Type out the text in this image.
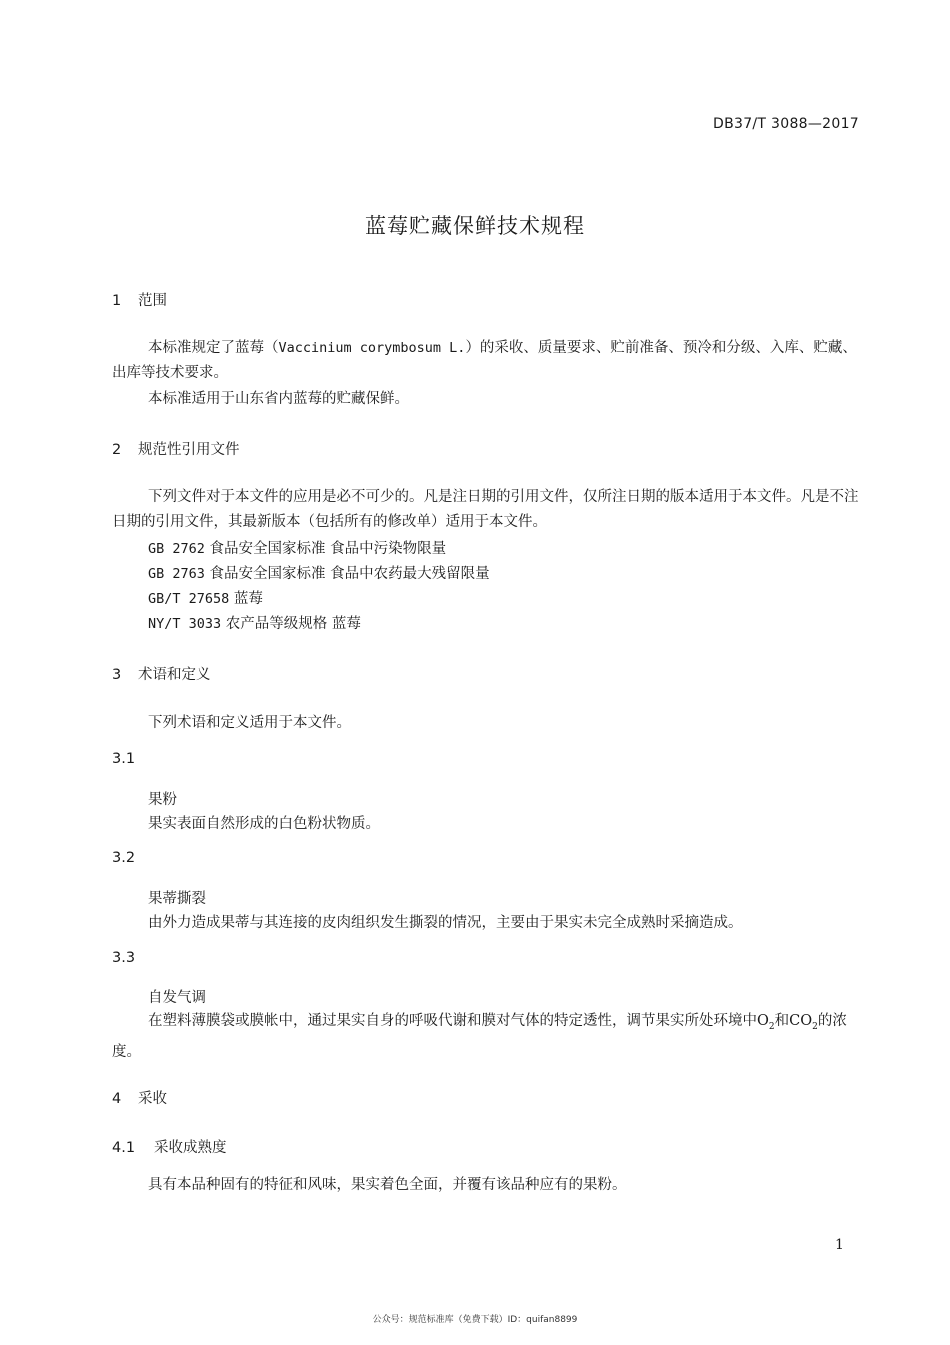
DB37/T 3088—2017
蓝莓贮藏保鲜技术规程
1 范围
本标准规定了蓝莓（Vaccinium corymbosum L.）的采收、质量要求、贮前准备、预冷和分级、入库、贮藏、出库等技术要求。
本标准适用于山东省内蓝莓的贮藏保鲜。
2 规范性引用文件
下列文件对于本文件的应用是必不可少的。凡是注日期的引用文件，仅所注日期的版本适用于本文件。凡是不注日期的引用文件，其最新版本（包括所有的修改单）适用于本文件。
GB 2762 食品安全国家标准 食品中污染物限量
GB 2763 食品安全国家标准 食品中农药最大残留限量
GB/T 27658 蓝莓
NY/T 3033 农产品等级规格 蓝莓
3 术语和定义
下列术语和定义适用于本文件。
3.1
果粉
果实表面自然形成的白色粉状物质。
3.2
果蒂撕裂
由外力造成果蒂与其连接的皮肉组织发生撕裂的情况，主要由于果实未完全成熟时采摘造成。
3.3
自发气调
在塑料薄膜袋或膜帐中，通过果实自身的呼吸代谢和膜对气体的特定透性，调节果实所处环境中$O_2$和$CO_2$的浓度。
4 采收
4.1 采收成熟度
具有本品种固有的特征和风味，果实着色全面，并覆有该品种应有的果粉。
1
公众号：规范标准库（免费下载）ID：quifan8899
